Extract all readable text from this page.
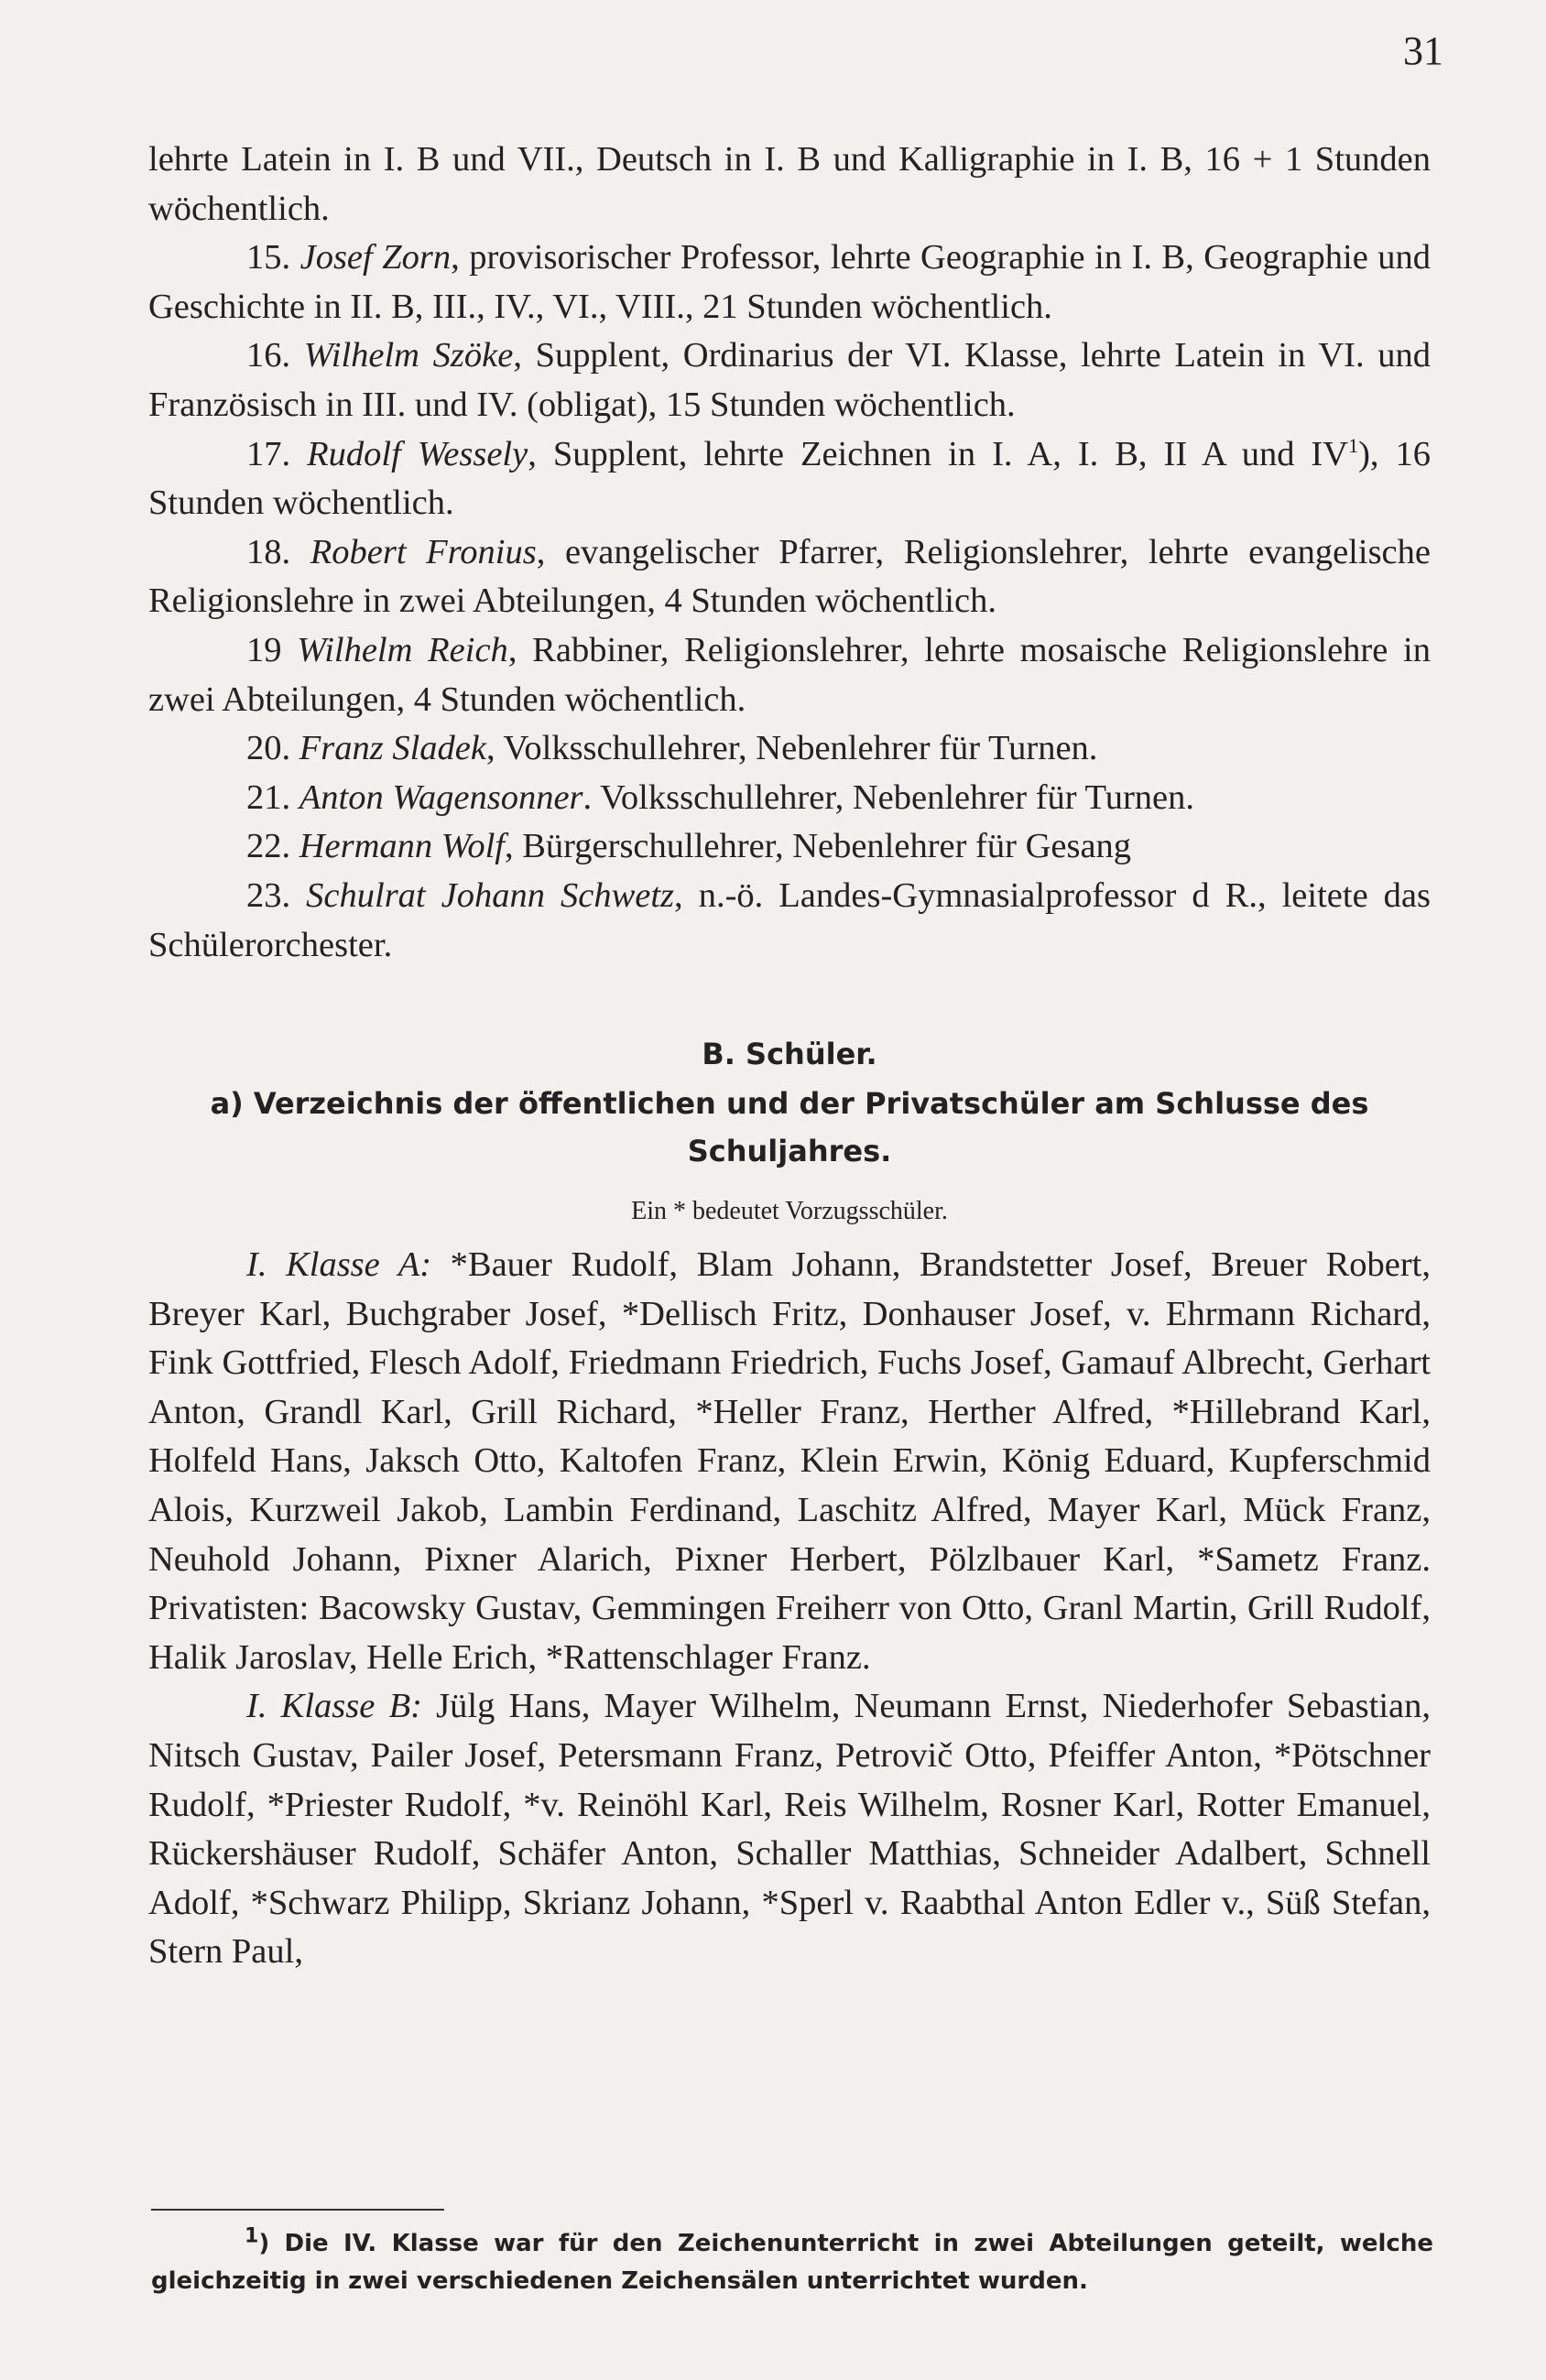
31

lehrte Latein in I. B und VII., Deutsch in I. B und Kalligraphie in I. B, 16 + 1 Stunden wöchentlich.

15. Josef Zorn, provisorischer Professor, lehrte Geographie in I. B, Geographie und Geschichte in II. B, III., IV., VI., VIII., 21 Stunden wöchentlich.

16. Wilhelm Szöke, Supplent, Ordinarius der VI. Klasse, lehrte Latein in VI. und Französisch in III. und IV. (obligat), 15 Stunden wöchentlich.

17. Rudolf Wessely, Supplent, lehrte Zeichnen in I. A, I. B, II A und $IV^1$), 16 Stunden wöchentlich.

18. Robert Fronius, evangelischer Pfarrer, Religionslehrer, lehrte evangelische Religionslehre in zwei Abteilungen, 4 Stunden wöchentlich.

19 Wilhelm Reich, Rabbiner, Religionslehrer, lehrte mosaische Religionslehre in zwei Abteilungen, 4 Stunden wöchentlich.

20. Franz Sladek, Volksschullehrer, Nebenlehrer für Turnen.

21. Anton Wagensonner. Volksschullehrer, Nebenlehrer für Turnen.

22. Hermann Wolf, Bürgerschullehrer, Nebenlehrer für Gesang

23. Schulrat Johann Schwetz, n.-ö. Landes-Gymnasialprofessor d R., leitete das Schülerorchester.

B. Schüler.

a) Verzeichnis der öffentlichen und der Privatschüler am Schlusse des Schuljahres.

Ein * bedeutet Vorzugsschüler.

I. Klasse A: *Bauer Rudolf, Blam Johann, Brandstetter Josef, Breuer Robert, Breyer Karl, Buchgraber Josef, *Dellisch Fritz, Donhauser Josef, v. Ehrmann Richard, Fink Gottfried, Flesch Adolf, Friedmann Friedrich, Fuchs Josef, Gamauf Albrecht, Gerhart Anton, Grandl Karl, Grill Richard, *Heller Franz, Herther Alfred, *Hillebrand Karl, Holfeld Hans, Jaksch Otto, Kaltofen Franz, Klein Erwin, König Eduard, Kupferschmid Alois, Kurzweil Jakob, Lambin Ferdinand, Laschitz Alfred, Mayer Karl, Mück Franz, Neuhold Johann, Pixner Alarich, Pixner Herbert, Pölzlbauer Karl, *Sametz Franz. Privatisten: Bacowsky Gustav, Gemmingen Freiherr von Otto, Granl Martin, Grill Rudolf, Halik Jaroslav, Helle Erich, *Rattenschlager Franz.

I. Klasse B: Jülg Hans, Mayer Wilhelm, Neumann Ernst, Niederhofer Sebastian, Nitsch Gustav, Pailer Josef, Petersmann Franz, Petrovič Otto, Pfeiffer Anton, *Pötschner Rudolf, *Priester Rudolf, *v. Reinöhl Karl, Reis Wilhelm, Rosner Karl, Rotter Emanuel, Rückershäuser Rudolf, Schäfer Anton, Schaller Matthias, Schneider Adalbert, Schnell Adolf, *Schwarz Philipp, Skrianz Johann, *Sperl v. Raabthal Anton Edler v., Süß Stefan, Stern Paul,

$^1$) Die IV. Klasse war für den Zeichenunterricht in zwei Abteilungen geteilt, welche gleichzeitig in zwei verschiedenen Zeichensälen unterrichtet wurden.
